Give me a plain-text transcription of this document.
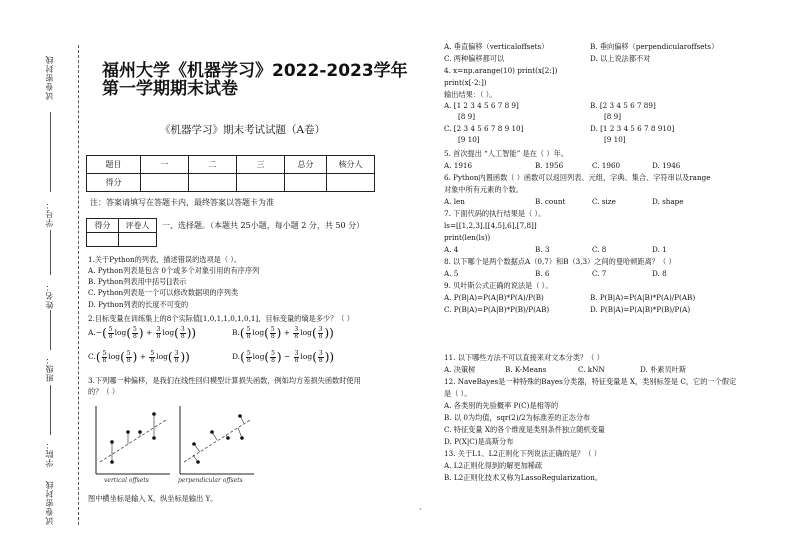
试卷密封线
学号：
姓名：
班级：
学院：
试卷密封线
福州大学《机器学习》2022-2023学年
第一学期期末试卷
《机器学习》期末考试试题（A卷）
题目	一	二	三	总分	核分人
得分					
注：答案请填写在答题卡内，最终答案以答题卡为准
得分	评卷人
	一、选择题。（本题共 25小题，每小题 2 分，共 50 分）
1.关于Python的列表，描述错误的选项是（ ）。
A. Python列表是包含 0个或多个对象引用的有序序列
B. Python列表用中括号[]表示
C. Python列表是一个可以修改数据项的序列类
D. Python列表的长度不可变的
2.目标变量在训练集上的8个实际值[1,0,1,1,0,1,0,1]，目标变量的熵是多少？（ ）
$A.-( \frac{5}{8} \log( \frac{5}{8}$ ) + $\frac{3}{8} \log( \frac{3}{8}$ ))	$B.( \frac{5}{8} \log( \frac{5}{8}$ ) + $\frac{3}{8} \log( \frac{3}{8}$ ))
$C.( \frac{5}{8} \log( \frac{5}{8}$ ) + $\frac{5}{8} \log( \frac{3}{8}$ ))	$D.( \frac{5}{8} \log( \frac{5}{8}$ ) − $\frac{3}{8} \log( \frac{3}{8}$ ))
3.下列哪一种偏移，是我们在线性回归模型计算损失函数，例如均方差损失函数时使用
的？（ ）
vertical offsets	perpendicular offsets
图中横坐标是输入 X，纵坐标是输出 Y。
·
A. 垂直偏移（verticaloffsets）	B. 垂向偏移（perpendicularoffsets）
C. 两种偏移都可以	D. 以上说法都不对
4. x=np.arange(10) print(x[2:])
print(x[-2:])
输出结果：（ ）。
A. [1 2 3 4 5 6 7 8 9]	B. [2 3 4 5 6 7 89]
[8 9]	[8 9]
C. [2 3 4 5 6 7 8 9 10]	D. [1 2 3 4 5 6 7 8 910]
[9 10]	[9 10]
5. 首次提出 “人工智能” 是在（ ）年。
A. 1916	B. 1956	C. 1960	D. 1946
6. Python内置函数（ ）函数可以返回列表、元组、字典、集合、字符串以及range
对象中所有元素的个数。
A. len	B. count	C. size	D. shape
7. 下面代码的执行结果是（ ）。
ls=[[1,2,3],[[4,5],6],[7,8]]
print(len(ls))
A. 4	B. 3	C. 8	D. 1
8. 以下哪个是两个数据点A（0,7）和B（3,3）之间的曼哈顿距离？（ ）
A. 5	B. 6	C. 7	D. 8
9. 贝叶斯公式正确的说法是（ ）。
A. P(B|A)=P(A|B)*P(A)/P(B)	B. P(B|A)=P(A|B)*P(A)/P(AB)
C. P(B|A)=P(A|B)*P(B)/P(AB)	D. P(B|A)=P(A|B)*P(B)/P(A)
11. 以下哪些方法不可以直接来对文本分类？（ ）
A. 决策树	B. K-Means	C. kNN	D. 朴素贝叶斯
12. NaveBayes是一种特殊的Bayes分类器，特征变量是 X，类别标签是 C，它的一个假定
是（ ）。
A. 各类别的先验概率 P(C)是相等的
B. 以 0为均值，sqr(2)/2为标准差的正态分布
C. 特征变量 X的各个维度是类别条件独立随机变量
D. P(X|C)是高斯分布
13. 关于L1、L2正则化下列说法正确的是？（ ）
A. L2正则化得到的解更加稀疏
B. L2正则化技术又称为LassoRegularization。
